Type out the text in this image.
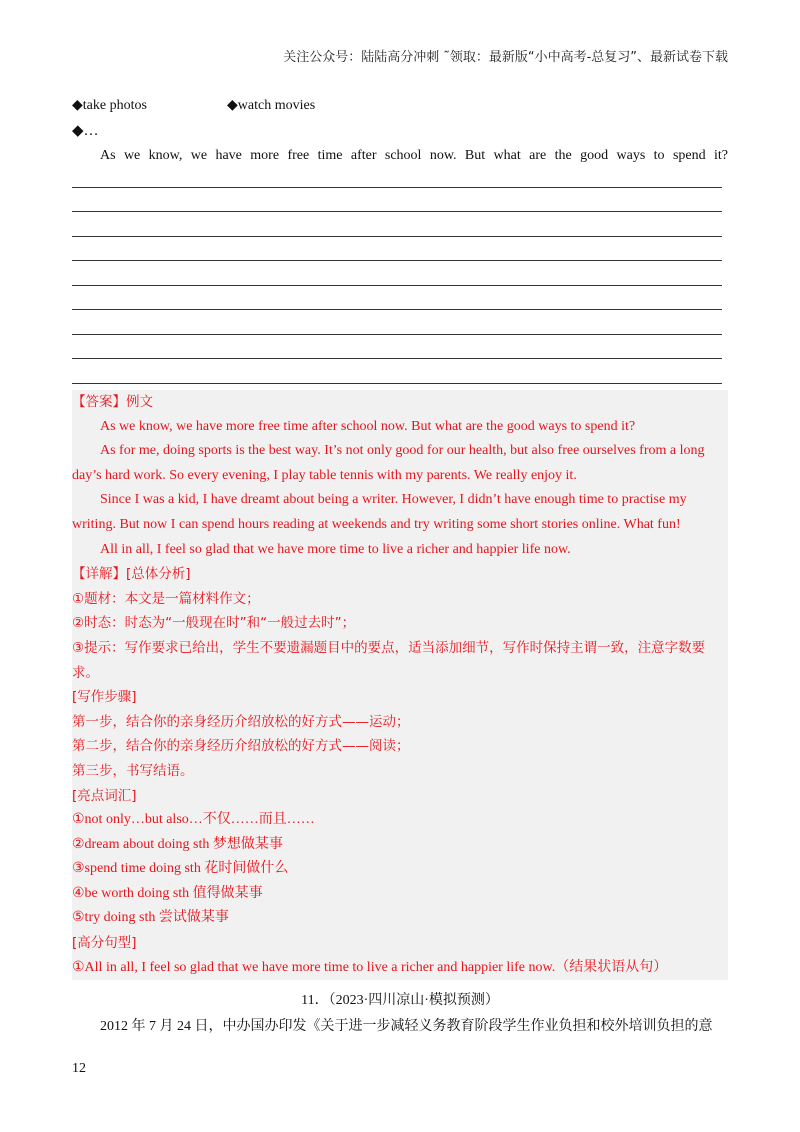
关注公众号：陆陆高分冲刺 ˜领取：最新版“小中高考-总复习”、最新试卷下载
◆take photos	◆watch movies
◆…
As we know, we have more free time after school now. But what are the good ways to spend it?

【答案】例文

As we know, we have more free time after school now. But what are the good ways to spend it?

As for me, doing sports is the best way. It’s not only good for our health, but also free ourselves from a long day’s hard work. So every evening, I play table tennis with my parents. We really enjoy it.

Since I was a kid, I have dreamt about being a writer. However, I didn’t have enough time to practise my writing. But now I can spend hours reading at weekends and try writing some short stories online. What fun!

All in all, I feel so glad that we have more time to live a richer and happier life now.

【详解】[总体分析]

①题材：本文是一篇材料作文；

②时态：时态为“一般现在时”和“一般过去时”；

③提示：写作要求已给出，学生不要遗漏题目中的要点，适当添加细节，写作时保持主谓一致，注意字数要求。

[写作步骤]

第一步，结合你的亲身经历介绍放松的好方式——运动；

第二步，结合你的亲身经历介绍放松的好方式——阅读；

第三步，书写结语。

[亮点词汇]

①not only…but also…不仅……而且……

②dream about doing sth 梦想做某事

③spend time doing sth 花时间做什么

④be worth doing sth 值得做某事

⑤try doing sth 尝试做某事

[高分句型]

①All in all, I feel so glad that we have more time to live a richer and happier life now.（结果状语从句）

11．（2023·四川凉山·模拟预测）
2012 年 7 月 24 日，中办国办印发《关于进一步减轻义务教育阶段学生作业负担和校外培训负担的意
12
